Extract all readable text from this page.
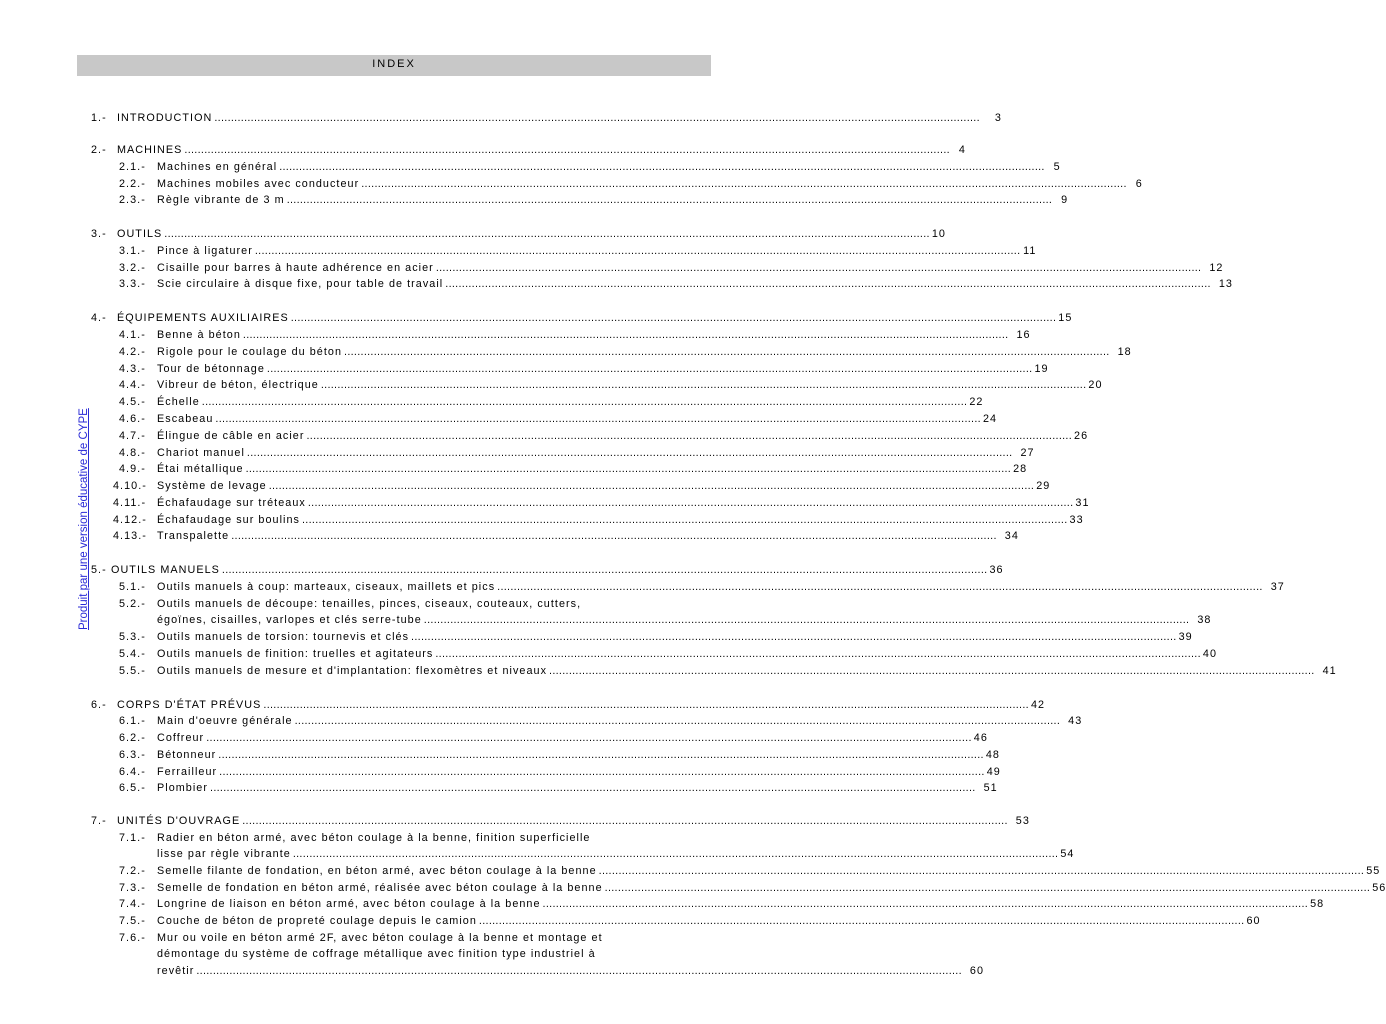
INDEX
Produit par une version éducative de CYPE
1.- INTRODUCTION ........................................................................................................................................................................................................................................	3
2.- MACHINES ........................................................................................................................................................................................................................................ 4
2.1.-	Machines en général ........................................................................................................................................................................................................................................ 5
2.2.-	Machines mobiles avec conducteur ........................................................................................................................................................................................................................................ 6
2.3.-	Règle vibrante de 3 m ........................................................................................................................................................................................................................................ 9
3.- OUTILS ........................................................................................................................................................................................................................................ 10
3.1.-	Pince à ligaturer ........................................................................................................................................................................................................................................ 11
3.2.-	Cisaille pour barres à haute adhérence en acier ........................................................................................................................................................................................................................................ 12
3.3.-	Scie circulaire à disque fixe, pour table de travail ........................................................................................................................................................................................................................................ 13
4.- ÉQUIPEMENTS AUXILIAIRES ........................................................................................................................................................................................................................................ 15
4.1.-	Benne à béton ........................................................................................................................................................................................................................................ 16
4.2.-	Rigole pour le coulage du béton ........................................................................................................................................................................................................................................ 18
4.3.-	Tour de bétonnage ........................................................................................................................................................................................................................................ 19
4.4.-	Vibreur de béton, électrique ........................................................................................................................................................................................................................................ 20
4.5.-	Échelle ........................................................................................................................................................................................................................................ 22
4.6.-	Escabeau ........................................................................................................................................................................................................................................ 24
4.7.-	Élingue de câble en acier ........................................................................................................................................................................................................................................ 26
4.8.-	Chariot manuel ........................................................................................................................................................................................................................................ 27
4.9.-	Étai métallique ........................................................................................................................................................................................................................................ 28
4.10.- Système de levage ........................................................................................................................................................................................................................................ 29
4.11.-	Échafaudage sur tréteaux ........................................................................................................................................................................................................................................ 31
4.12.- Échafaudage sur boulins ........................................................................................................................................................................................................................................ 33
4.13.- Transpalette ........................................................................................................................................................................................................................................ 34
5.- OUTILS MANUELS ........................................................................................................................................................................................................................................ 36
5.1.-	Outils manuels à coup: marteaux, ciseaux, maillets et pics ........................................................................................................................................................................................................................................ 37
5.2.- Outils manuels de découpe: tenailles, pinces, ciseaux, couteaux, cutters,
égoïnes, cisailles, varlopes et clés serre-tube ........................................................................................................................................................................................................................................ 38
5.3.-	Outils manuels de torsion: tournevis et clés ........................................................................................................................................................................................................................................ 39
5.4.-	Outils manuels de finition: truelles et agitateurs ........................................................................................................................................................................................................................................ 40
5.5.-	Outils manuels de mesure et d'implantation: flexomètres et niveaux ........................................................................................................................................................................................................................................ 41
6.- CORPS D'ÉTAT PRÉVUS ........................................................................................................................................................................................................................................ 42
6.1.-	Main d'oeuvre générale ........................................................................................................................................................................................................................................ 43
6.2.-	Coffreur ........................................................................................................................................................................................................................................ 46
6.3.-	Bétonneur ........................................................................................................................................................................................................................................ 48
6.4.-	Ferrailleur ........................................................................................................................................................................................................................................ 49
6.5.-	Plombier ........................................................................................................................................................................................................................................ 51
7.- UNITÉS D'OUVRAGE ........................................................................................................................................................................................................................................ 53
7.1.- Radier en béton armé, avec béton coulage à la benne, finition superficielle
lisse par règle vibrante ........................................................................................................................................................................................................................................ 54
7.2.-	Semelle filante de fondation, en béton armé, avec béton coulage à la benne ........................................................................................................................................................................................................................................ 55
7.3.-	Semelle de fondation en béton armé, réalisée avec béton coulage à la benne ........................................................................................................................................................................................................................................ 56
7.4.-	Longrine de liaison en béton armé, avec béton coulage à la benne ........................................................................................................................................................................................................................................ 58
7.5.-	Couche de béton de propreté coulage depuis le camion ........................................................................................................................................................................................................................................ 60
7.6.- Mur ou voile en béton armé 2F, avec béton coulage à la benne et montage et
démontage du système de coffrage métallique avec finition type industriel à
revêtir ........................................................................................................................................................................................................................................ 60
